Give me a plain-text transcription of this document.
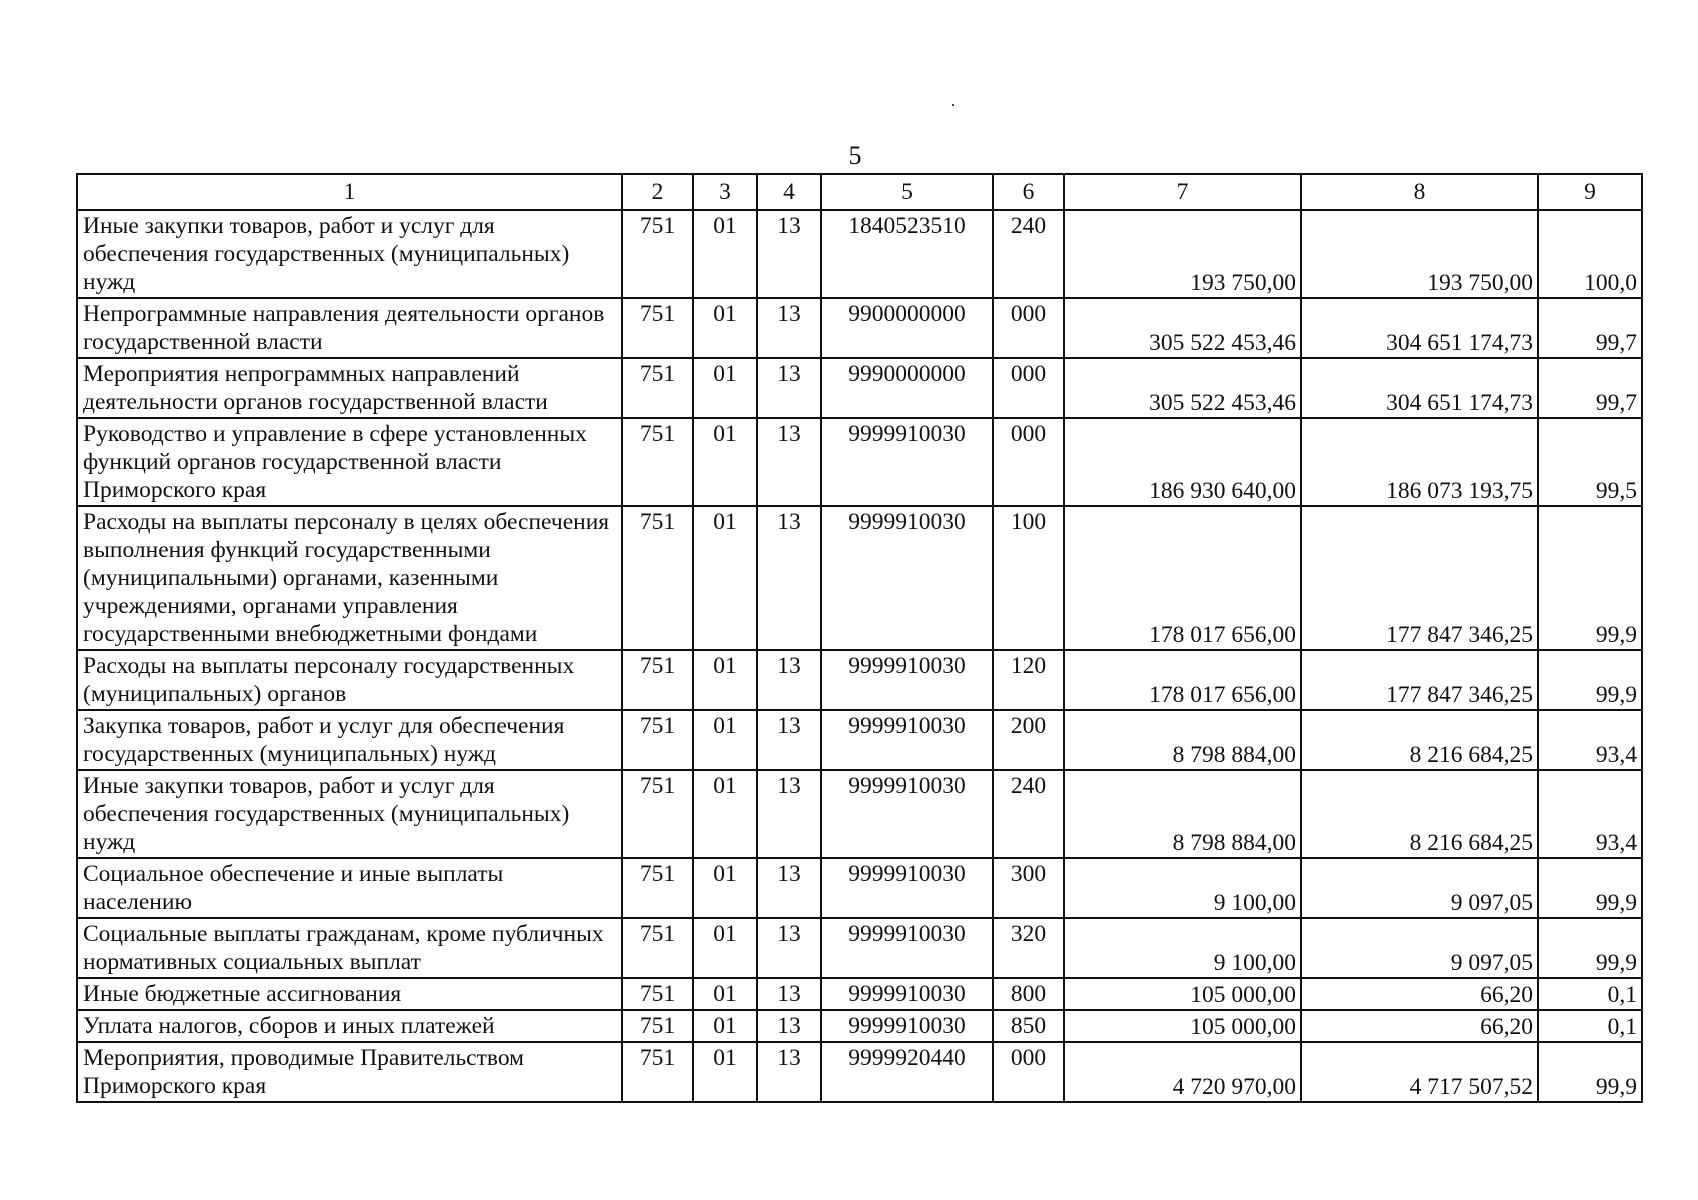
5
1	2	3	4	5	6	7	8	9
Иные закупки товаров, работ и услуг для обеспечения государственных (муниципальных) нужд	751	01	13	1840523510	240	193 750,00	193 750,00	100,0
Непрограммные направления деятельности органов государственной власти	751	01	13	9900000000	000	305 522 453,46	304 651 174,73	99,7
Мероприятия непрограммных направлений деятельности органов государственной власти	751	01	13	9990000000	000	305 522 453,46	304 651 174,73	99,7
Руководство и управление в сфере установленных функций органов государственной власти Приморского края	751	01	13	9999910030	000	186 930 640,00	186 073 193,75	99,5
Расходы на выплаты персоналу в целях обеспечения выполнения функций государственными (муниципальными) органами, казенными учреждениями, органами управления государственными внебюджетными фондами	751	01	13	9999910030	100	178 017 656,00	177 847 346,25	99,9
Расходы на выплаты персоналу государственных (муниципальных) органов	751	01	13	9999910030	120	178 017 656,00	177 847 346,25	99,9
Закупка товаров, работ и услуг для обеспечения государственных (муниципальных) нужд	751	01	13	9999910030	200	8 798 884,00	8 216 684,25	93,4
Иные закупки товаров, работ и услуг для обеспечения государственных (муниципальных) нужд	751	01	13	9999910030	240	8 798 884,00	8 216 684,25	93,4
Социальное обеспечение и иные выплаты населению	751	01	13	9999910030	300	9 100,00	9 097,05	99,9
Социальные выплаты гражданам, кроме публичных нормативных социальных выплат	751	01	13	9999910030	320	9 100,00	9 097,05	99,9
Иные бюджетные ассигнования	751	01	13	9999910030	800	105 000,00	66,20	0,1
Уплата налогов, сборов и иных платежей	751	01	13	9999910030	850	105 000,00	66,20	0,1
Мероприятия, проводимые Правительством Приморского края	751	01	13	9999920440	000	4 720 970,00	4 717 507,52	99,9
